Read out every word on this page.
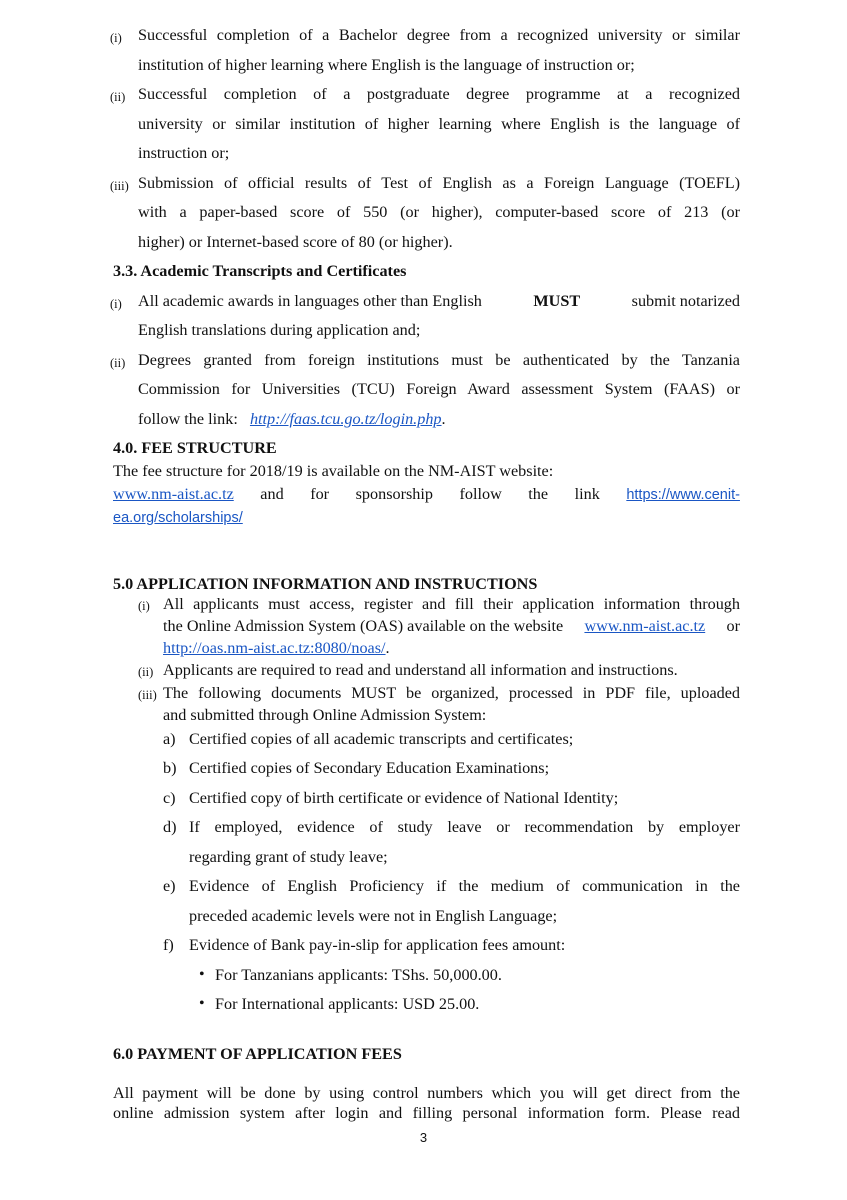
(i) Successful completion of a Bachelor degree from a recognized university or similar
institution of higher learning where English is the language of instruction or;
(ii) Successful completion of a postgraduate degree programme at a recognized
university or similar institution of higher learning where English is the language of
instruction or;
(iii) Submission of official results of Test of English as a Foreign Language (TOEFL)
with a paper-based score of 550 (or higher), computer-based score of 213 (or
higher) or Internet-based score of 80 (or higher).
3.3. Academic Transcripts and Certificates
(i) All academic awards in languages other than English	MUST	submit notarized
English translations during application and;
(ii) Degrees granted from foreign institutions must be authenticated by the Tanzania
Commission for Universities (TCU) Foreign Award assessment System (FAAS) or
follow the link: http://faas.tcu.go.tz/login.php.
4.0. FEE STRUCTURE
The fee structure for 2018/19 is available on the NM-AIST website:
www.nm-aist.ac.tz and for sponsorship follow the link https://www.cenit-
ea.org/scholarships/
5.0 APPLICATION INFORMATION AND INSTRUCTIONS
(i) All applicants must access, register and fill their application information through
the Online Admission System (OAS) available on the website www.nm-aist.ac.tz or
http://oas.nm-aist.ac.tz:8080/noas/.
(ii) Applicants are required to read and understand all information and instructions.
(iii) The following documents MUST be organized, processed in PDF file, uploaded
and submitted through Online Admission System:
a) Certified copies of all academic transcripts and certificates;
b) Certified copies of Secondary Education Examinations;
c) Certified copy of birth certificate or evidence of National Identity;
d) If employed, evidence of study leave or recommendation by employer
regarding grant of study leave;
e) Evidence of English Proficiency if the medium of communication in the
preceded academic levels were not in English Language;
f) Evidence of Bank pay-in-slip for application fees amount:
• For Tanzanians applicants: TShs. 50,000.00.
• For International applicants: USD 25.00.
6.0 PAYMENT OF APPLICATION FEES
All payment will be done by using control numbers which you will get direct from the
online admission system after login and filling personal information form. Please read
3
